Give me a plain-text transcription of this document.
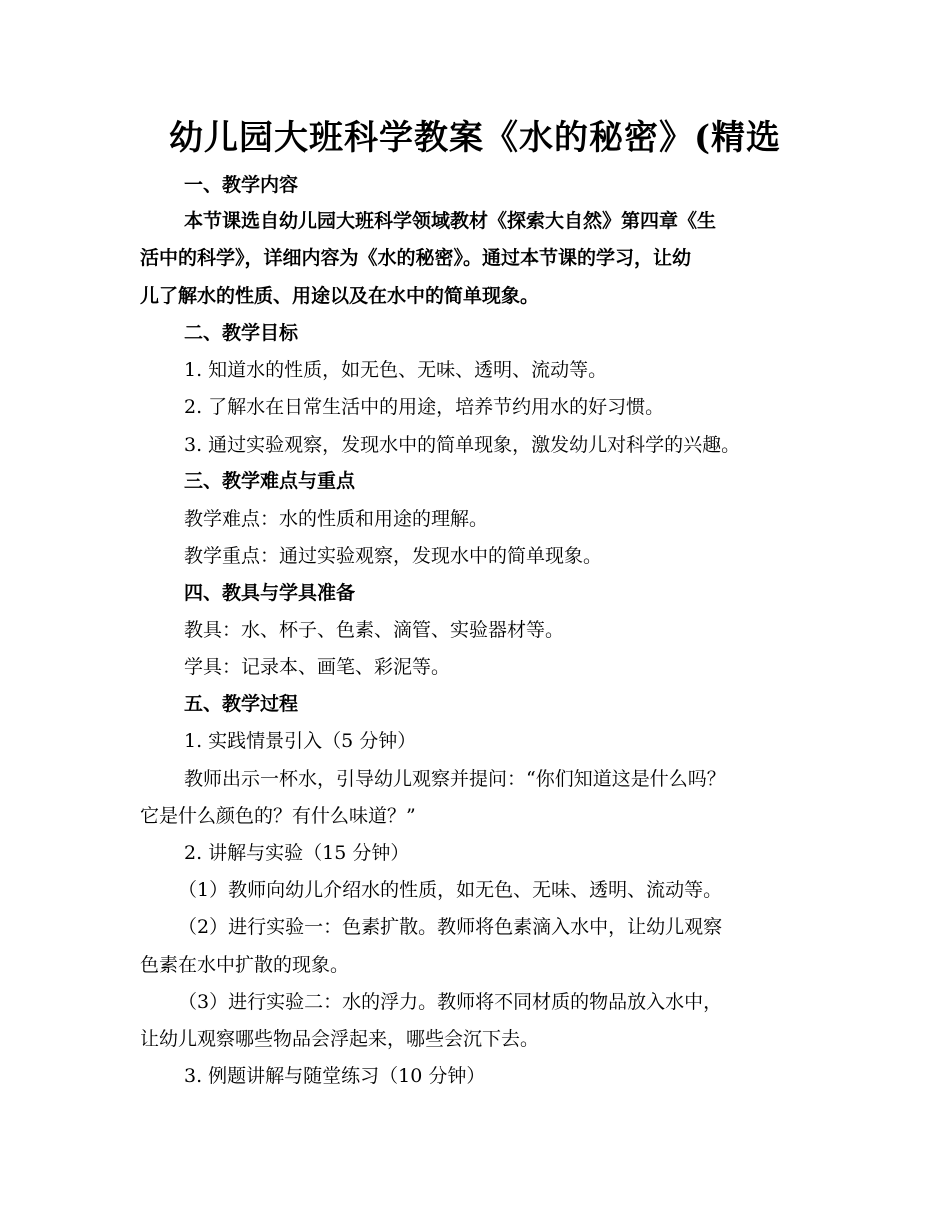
幼儿园大班科学教案《水的秘密》(精选
一、教学内容
本节课选自幼儿园大班科学领域教材《探索大自然》第四章《生
活中的科学》，详细内容为《水的秘密》。通过本节课的学习，让幼
儿了解水的性质、用途以及在水中的简单现象。
二、教学目标
1. 知道水的性质，如无色、无味、透明、流动等。
2. 了解水在日常生活中的用途，培养节约用水的好习惯。
3. 通过实验观察，发现水中的简单现象，激发幼儿对科学的兴趣。
三、教学难点与重点
教学难点：水的性质和用途的理解。
教学重点：通过实验观察，发现水中的简单现象。
四、教具与学具准备
教具：水、杯子、色素、滴管、实验器材等。
学具：记录本、画笔、彩泥等。
五、教学过程
1. 实践情景引入（5 分钟）
教师出示一杯水，引导幼儿观察并提问：“你们知道这是什么吗？
它是什么颜色的？有什么味道？”
2. 讲解与实验（15 分钟）
（1）教师向幼儿介绍水的性质，如无色、无味、透明、流动等。
（2）进行实验一：色素扩散。教师将色素滴入水中，让幼儿观察
色素在水中扩散的现象。
（3）进行实验二：水的浮力。教师将不同材质的物品放入水中，
让幼儿观察哪些物品会浮起来，哪些会沉下去。
3. 例题讲解与随堂练习（10 分钟）
